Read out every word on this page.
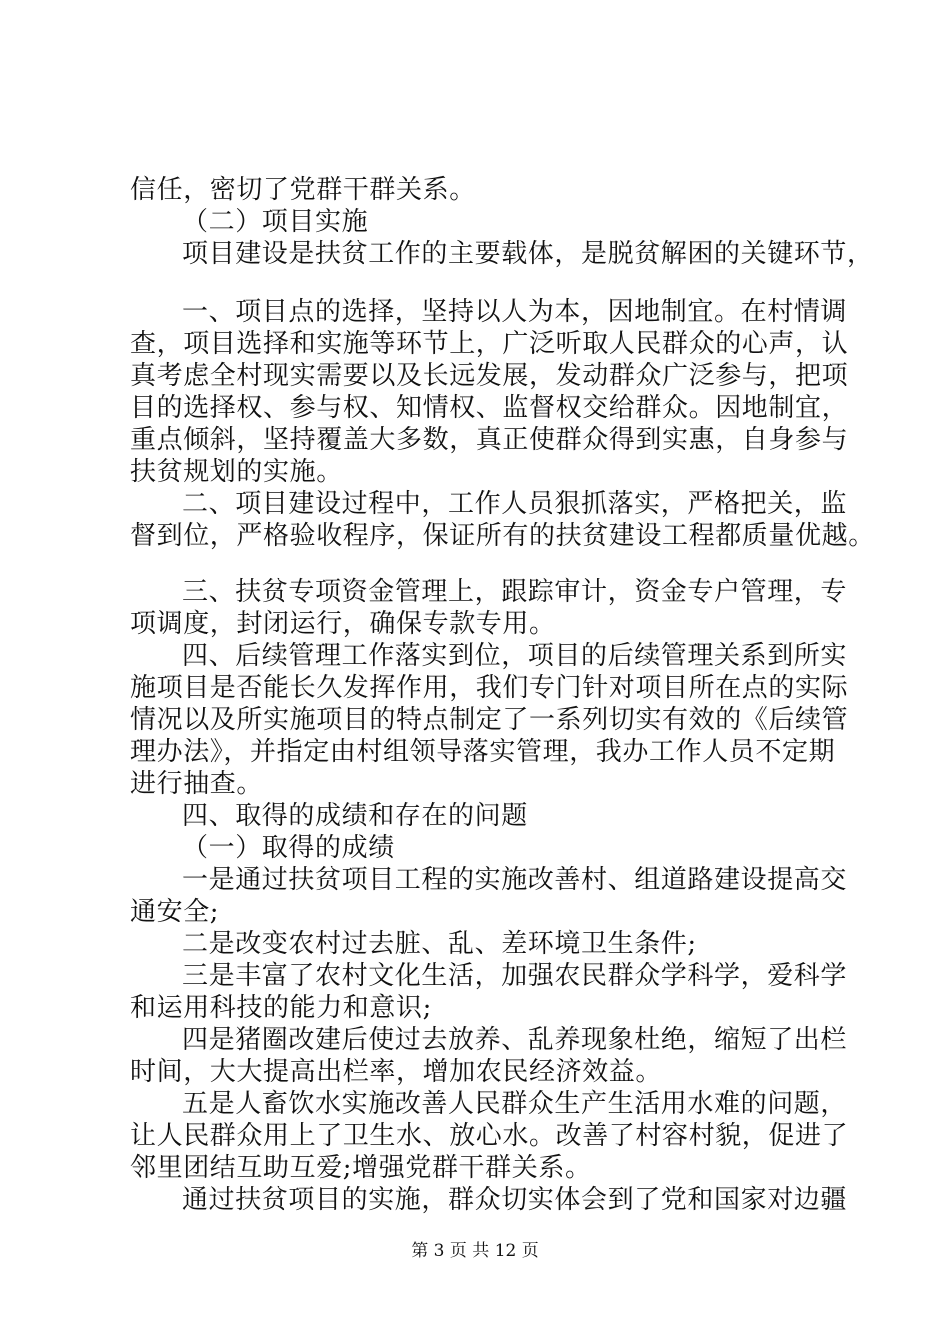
信任，密切了党群干群关系。
（二）项目实施
项目建设是扶贫工作的主要载体，是脱贫解困的关键环节，
一、项目点的选择，坚持以人为本，因地制宜。在村情调
查，项目选择和实施等环节上，广泛听取人民群众的心声，认
真考虑全村现实需要以及长远发展，发动群众广泛参与，把项
目的选择权、参与权、知情权、监督权交给群众。因地制宜，
重点倾斜，坚持覆盖大多数，真正使群众得到实惠，自身参与
扶贫规划的实施。
二、项目建设过程中，工作人员狠抓落实，严格把关，监
督到位，严格验收程序，保证所有的扶贫建设工程都质量优越。
三、扶贫专项资金管理上，跟踪审计，资金专户管理，专
项调度，封闭运行，确保专款专用。
四、后续管理工作落实到位，项目的后续管理关系到所实
施项目是否能长久发挥作用，我们专门针对项目所在点的实际
情况以及所实施项目的特点制定了一系列切实有效的《后续管
理办法》，并指定由村组领导落实管理，我办工作人员不定期
进行抽查。
四、取得的成绩和存在的问题
（一）取得的成绩
一是通过扶贫项目工程的实施改善村、组道路建设提高交
通安全;
二是改变农村过去脏、乱、差环境卫生条件;
三是丰富了农村文化生活，加强农民群众学科学，爱科学
和运用科技的能力和意识;
四是猪圈改建后使过去放养、乱养现象杜绝，缩短了出栏
时间，大大提高出栏率，增加农民经济效益。
五是人畜饮水实施改善人民群众生产生活用水难的问题，
让人民群众用上了卫生水、放心水。改善了村容村貌，促进了
邻里团结互助互爱;增强党群干群关系。
通过扶贫项目的实施，群众切实体会到了党和国家对边疆
第 3 页 共 12 页
